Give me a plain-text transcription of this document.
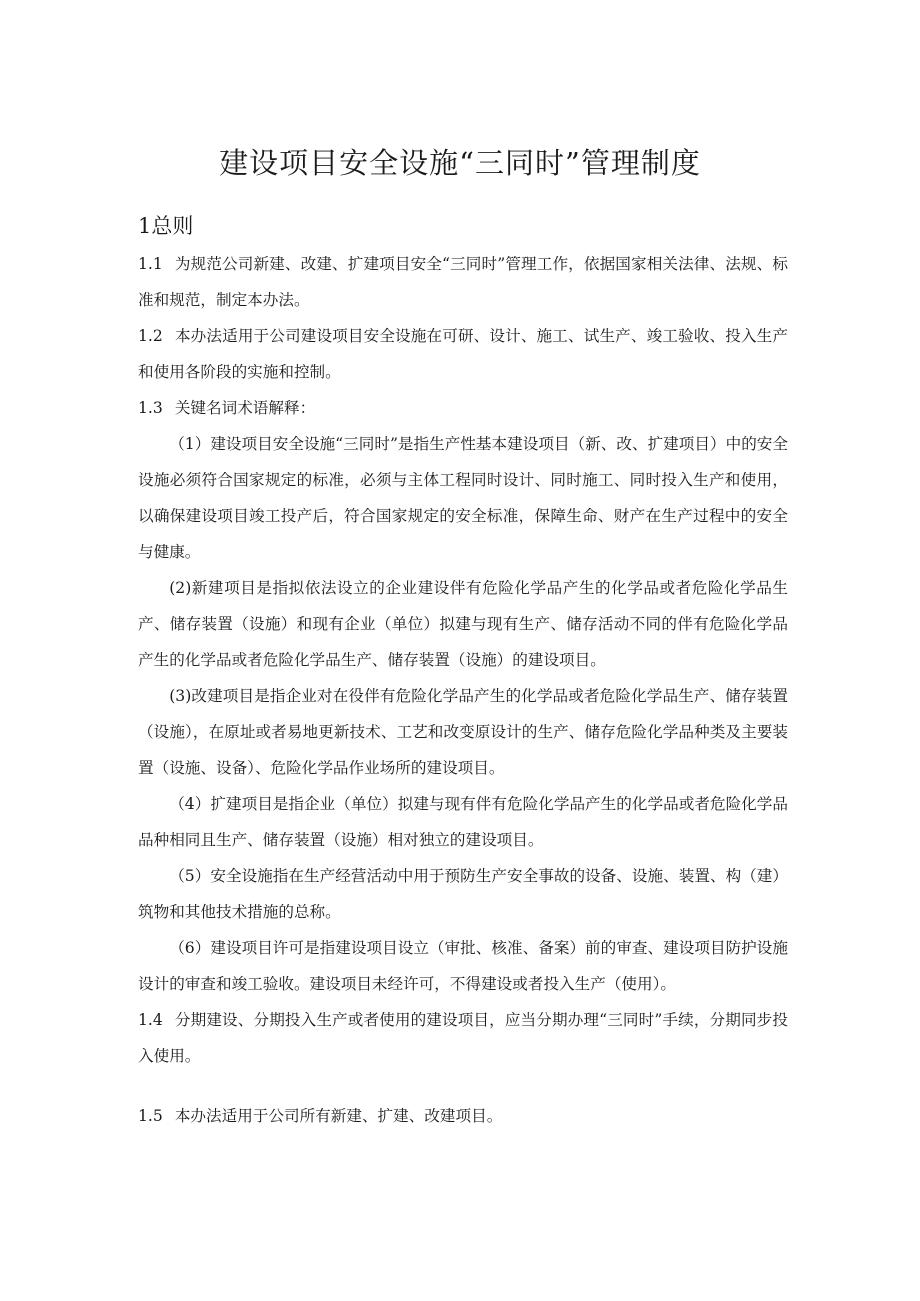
建设项目安全设施“三同时”管理制度
1总则
1.1 为规范公司新建、改建、扩建项目安全“三同时”管理工作，依据国家相关法律、法规、标准和规范，制定本办法。
1.2 本办法适用于公司建设项目安全设施在可研、设计、施工、试生产、竣工验收、投入生产和使用各阶段的实施和控制。
1.3 关键名词术语解释：
（1）建设项目安全设施“三同时”是指生产性基本建设项目（新、改、扩建项目）中的安全设施必须符合国家规定的标准，必须与主体工程同时设计、同时施工、同时投入生产和使用，以确保建设项目竣工投产后，符合国家规定的安全标准，保障生命、财产在生产过程中的安全与健康。
(2)新建项目是指拟依法设立的企业建设伴有危险化学品产生的化学品或者危险化学品生产、储存装置（设施）和现有企业（单位）拟建与现有生产、储存活动不同的伴有危险化学品产生的化学品或者危险化学品生产、储存装置（设施）的建设项目。
(3)改建项目是指企业对在役伴有危险化学品产生的化学品或者危险化学品生产、储存装置（设施），在原址或者易地更新技术、工艺和改变原设计的生产、储存危险化学品种类及主要装置（设施、设备）、危险化学品作业场所的建设项目。
（4）扩建项目是指企业（单位）拟建与现有伴有危险化学品产生的化学品或者危险化学品品种相同且生产、储存装置（设施）相对独立的建设项目。
（5）安全设施指在生产经营活动中用于预防生产安全事故的设备、设施、装置、构（建）筑物和其他技术措施的总称。
（6）建设项目许可是指建设项目设立（审批、核准、备案）前的审查、建设项目防护设施设计的审查和竣工验收。建设项目未经许可，不得建设或者投入生产（使用）。
1.4 分期建设、分期投入生产或者使用的建设项目，应当分期办理“三同时”手续，分期同步投入使用。
1.5 本办法适用于公司所有新建、扩建、改建项目。
